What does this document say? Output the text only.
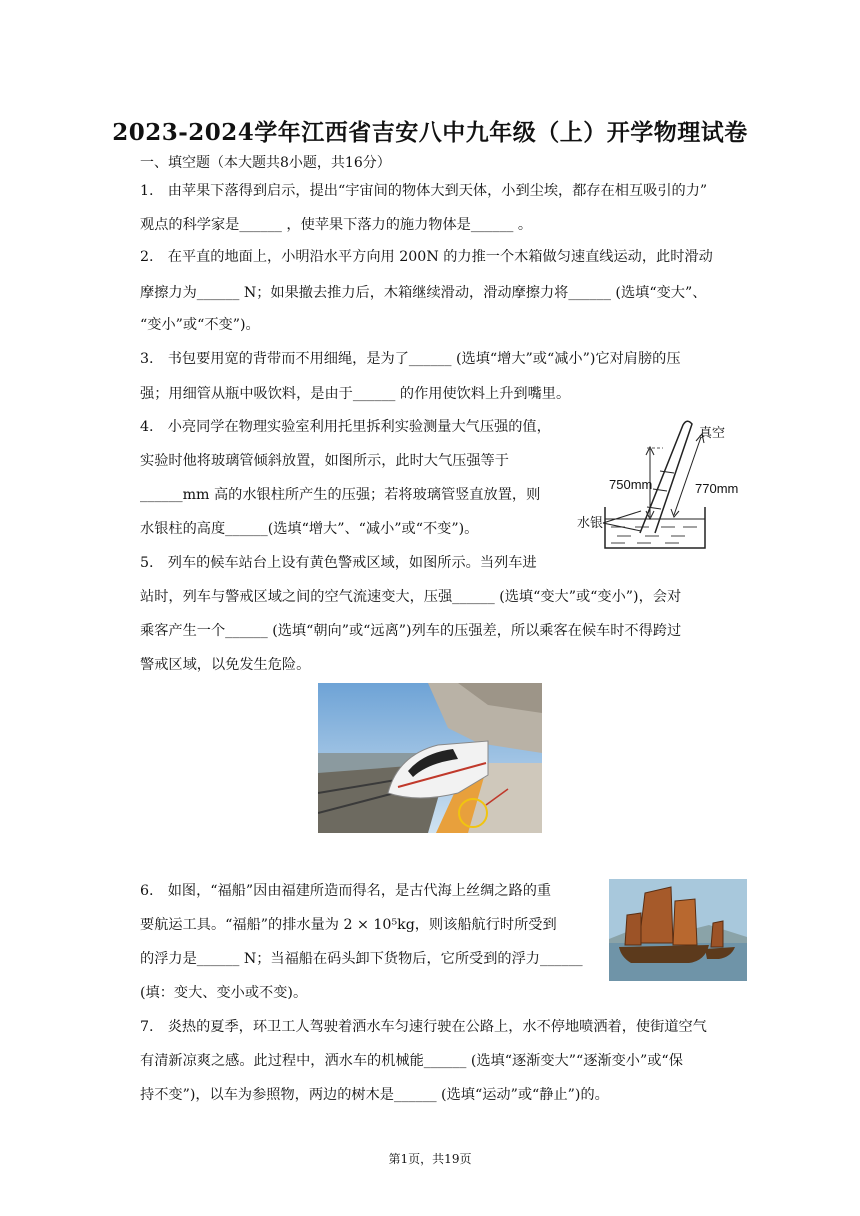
2023-2024学年江西省吉安八中九年级（上）开学物理试卷
一、填空题（本大题共8小题，共16分）
1.　由苹果下落得到启示，提出“宇宙间的物体大到天体，小到尘埃，都存在相互吸引的力”
观点的科学家是______ ，使苹果下落力的施力物体是______ 。
2.　在平直的地面上，小明沿水平方向用 200N 的力推一个木箱做匀速直线运动，此时滑动
摩擦力为______ N；如果撤去推力后，木箱继续滑动，滑动摩擦力将______ (选填“变大”、
“变小”或“不变”)。
3.　书包要用宽的背带而不用细绳，是为了______ (选填“增大”或“减小”)它对肩膀的压
强；用细管从瓶中吸饮料，是由于______ 的作用使饮料上升到嘴里。
4.　小亮同学在物理实验室利用托里拆利实验测量大气压强的值，
实验时他将玻璃管倾斜放置，如图所示，此时大气压强等于
______mm 高的水银柱所产生的压强；若将玻璃管竖直放置，则
水银柱的高度______(选填“增大”、“减小”或“不变”)。
真空
750mm	770mm
水银
5.　列车的候车站台上设有黄色警戒区域，如图所示。当列车进
站时，列车与警戒区域之间的空气流速变大，压强______ (选填“变大”或“变小”)，会对
乘客产生一个______ (选填“朝向”或“远离”)列车的压强差，所以乘客在候车时不得跨过
警戒区域，以免发生危险。
6.　如图，“福船”因由福建所造而得名，是古代海上丝绸之路的重
要航运工具。“福船”的排水量为 2 × 10⁵kg，则该船航行时所受到
的浮力是______ N；当福船在码头卸下货物后，它所受到的浮力______
(填：变大、变小或不变)。
7.　炎热的夏季，环卫工人驾驶着洒水车匀速行驶在公路上，水不停地喷洒着，使街道空气
有清新凉爽之感。此过程中，洒水车的机械能______ (选填“逐渐变大”“逐渐变小”或“保
持不变”)，以车为参照物，两边的树木是______ (选填“运动”或“静止”)的。
第1页，共19页
